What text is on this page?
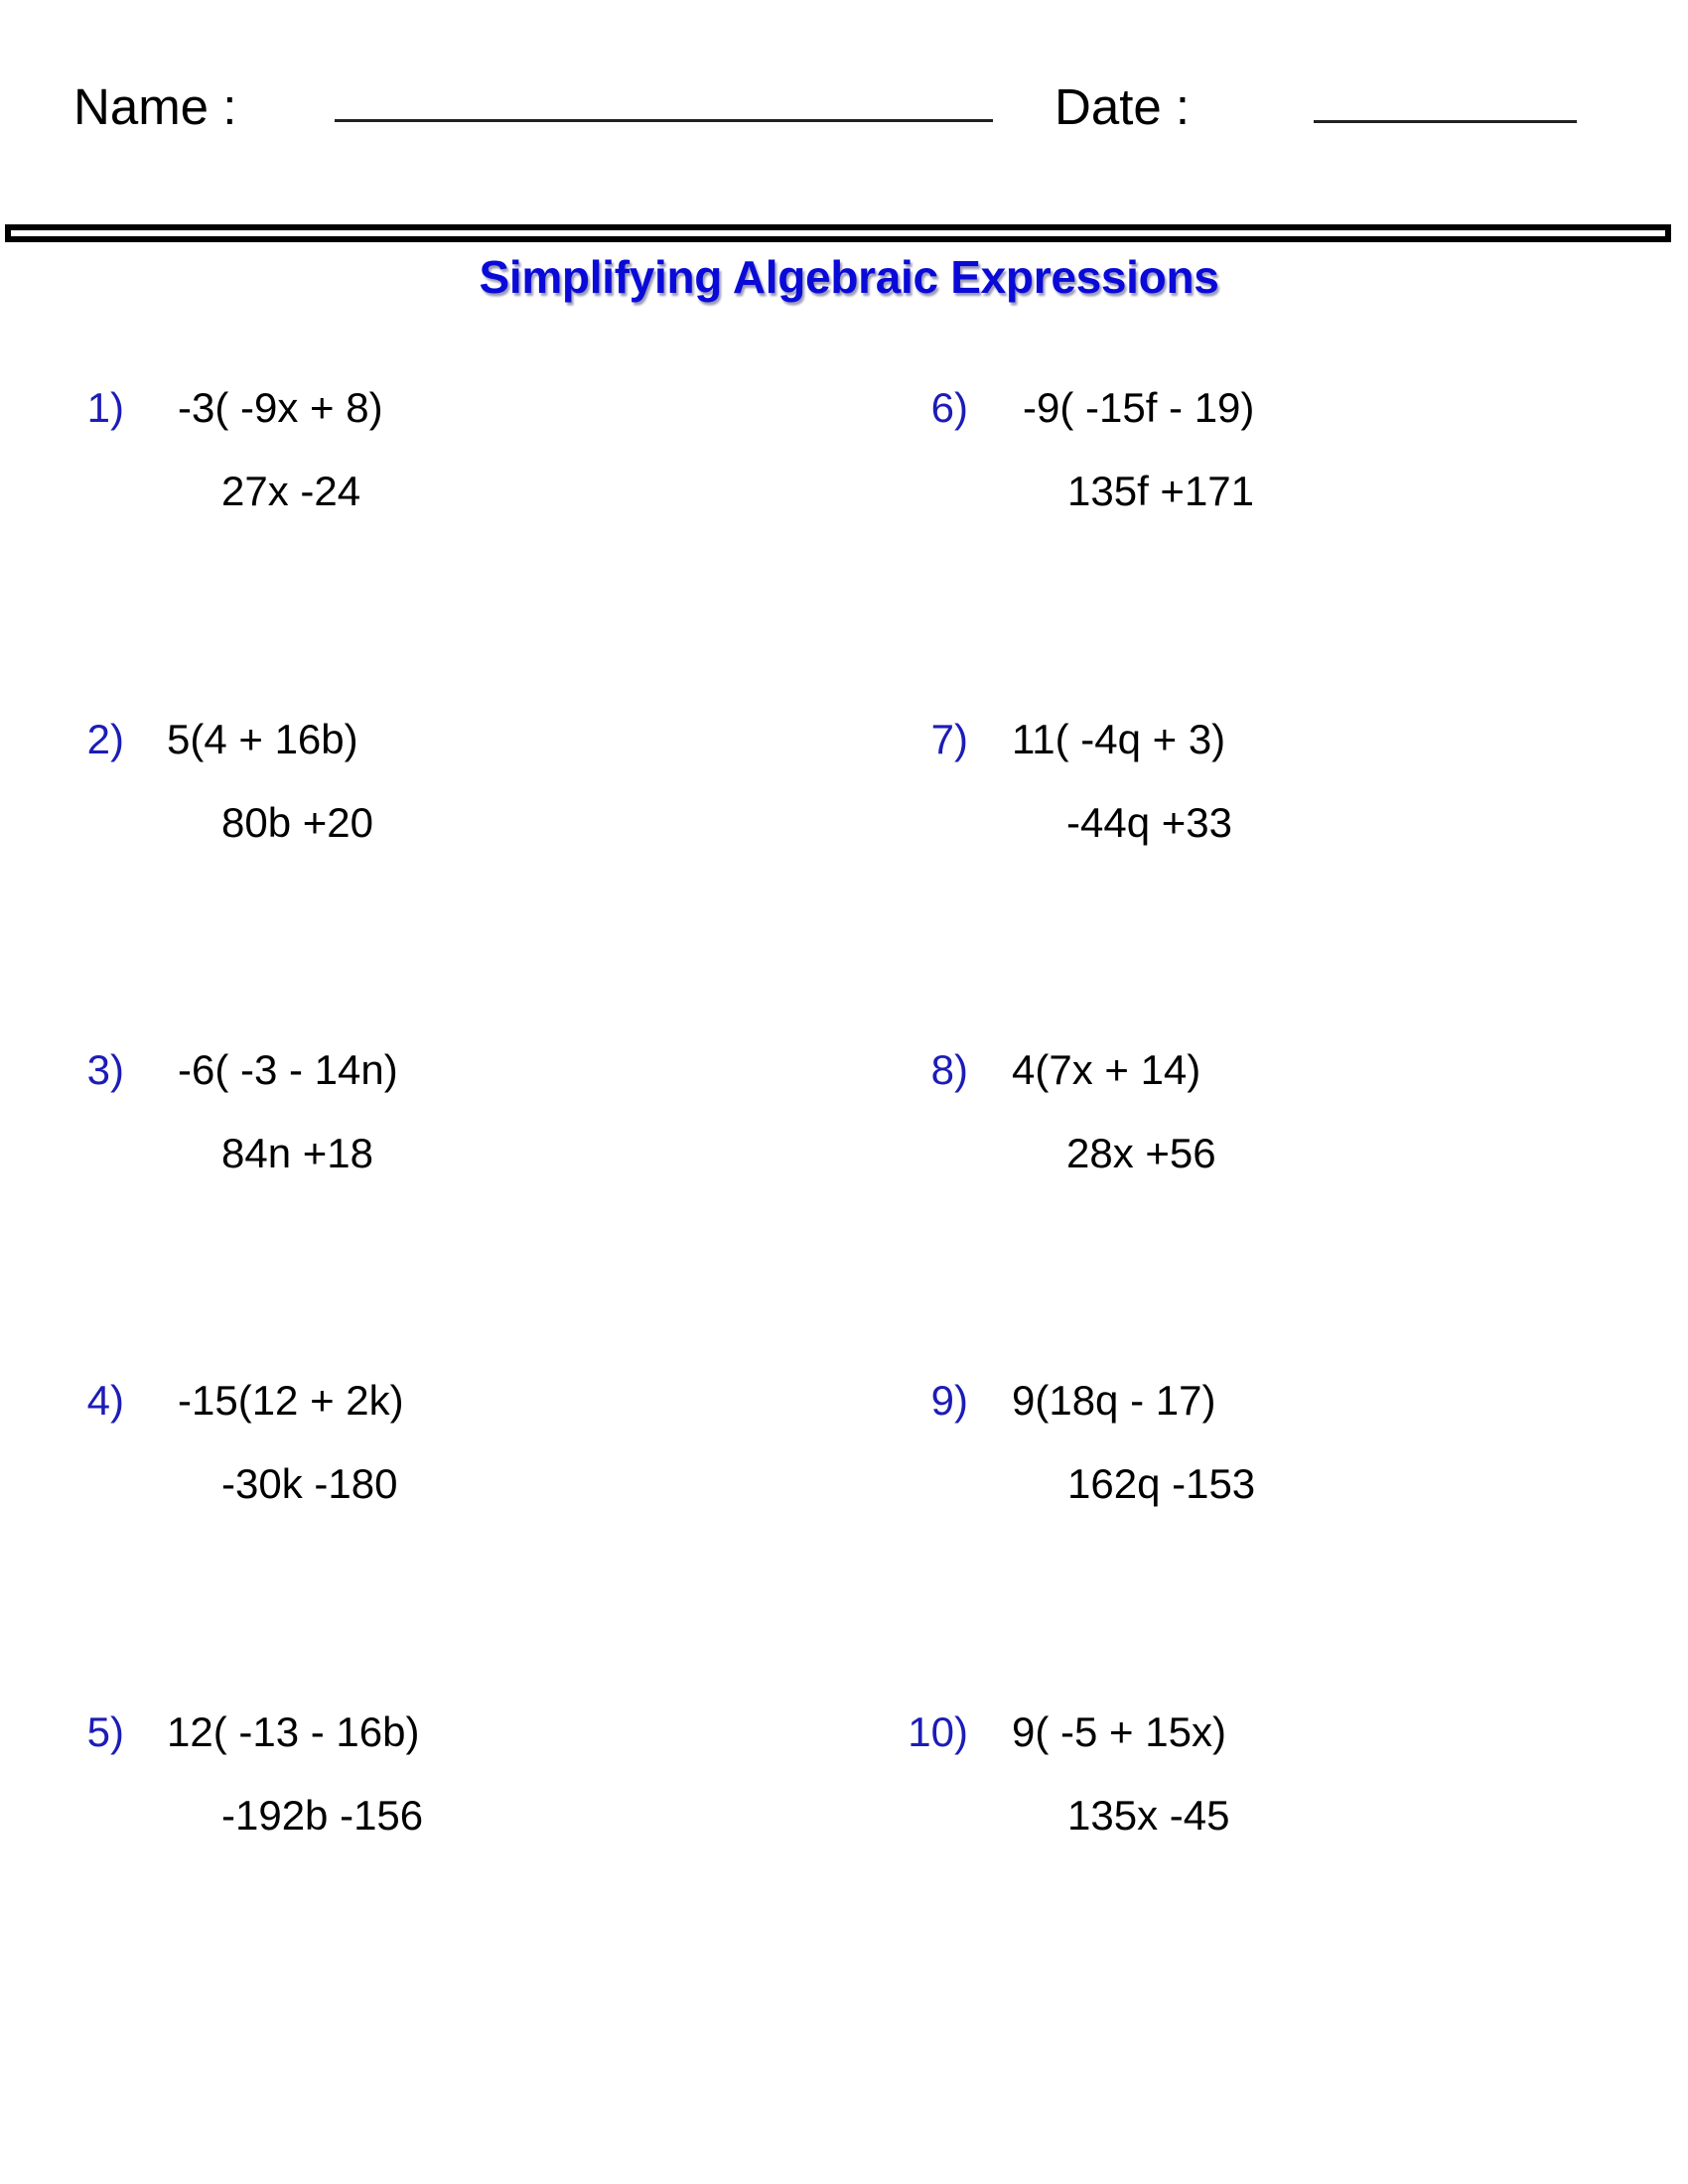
Name :	Date :
Simplifying Algebraic Expressions
1) -3( -9x + 8)
27x -24
2) 5(4 + 16b)
80b +20
3) -6( -3 - 14n)
84n +18
4) -15(12 + 2k)
-30k -180
5) 12( -13 - 16b)
-192b -156
6) -9( -15f - 19)
135f +171
7) 11( -4q + 3)
-44q +33
8) 4(7x + 14)
28x +56
9) 9(18q - 17)
162q -153
10) 9( -5 + 15x)
135x -45
